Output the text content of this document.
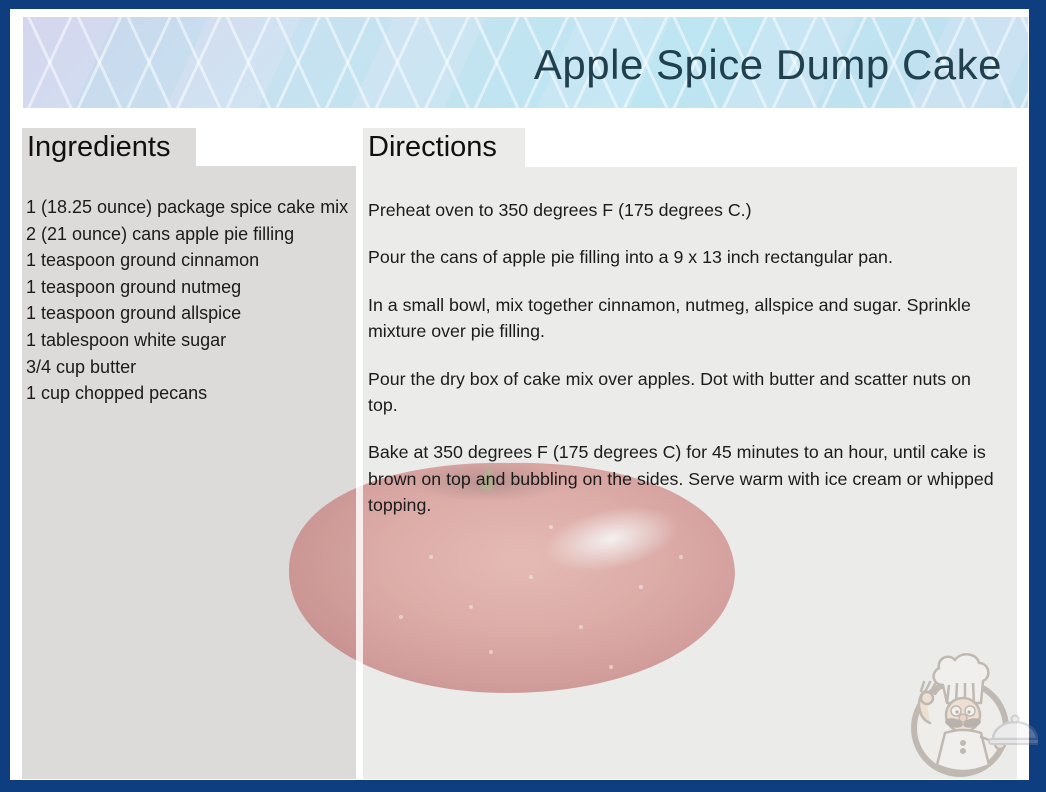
Apple Spice Dump Cake
Ingredients	Directions
1 (18.25 ounce) package spice cake mix
2 (21 ounce) cans apple pie filling
1 teaspoon ground cinnamon
1 teaspoon ground nutmeg
1 teaspoon ground allspice
1 tablespoon white sugar
3/4 cup butter
1 cup chopped pecans

Preheat oven to 350 degrees F (175 degrees C.)

Pour the cans of apple pie filling into a 9 x 13 inch rectangular pan.

In a small bowl, mix together cinnamon, nutmeg, allspice and sugar. Sprinkle mixture over pie filling.

Pour the dry box of cake mix over apples. Dot with butter and scatter nuts on top.

Bake at 350 degrees F (175 degrees C) for 45 minutes to an hour, until cake is brown on top and bubbling on the sides. Serve warm with ice cream or whipped topping.
